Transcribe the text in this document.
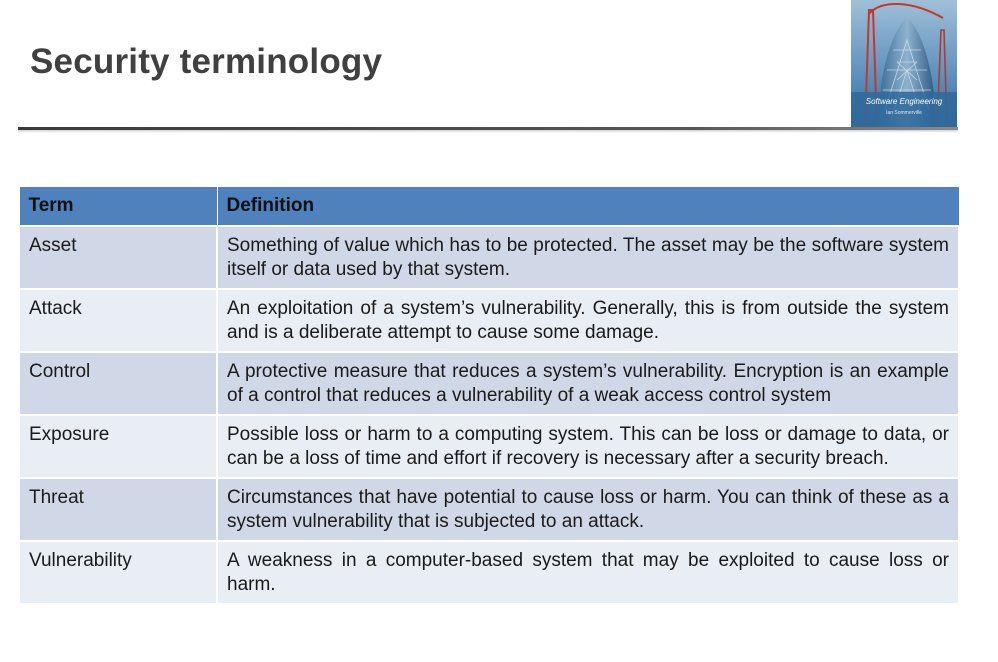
Security terminology
Software Engineering
Ian Sommerville
Term	Definition
Asset	Something of value which has to be protected. The asset may be the software system itself or data used by that system.
Attack	An exploitation of a system’s vulnerability. Generally, this is from outside the system and is a deliberate attempt to cause some damage.
Control	A protective measure that reduces a system’s vulnerability. Encryption is an example of a control that reduces a vulnerability of a weak access control system
Exposure	Possible loss or harm to a computing system. This can be loss or damage to data, or can be a loss of time and effort if recovery is necessary after a security breach.
Threat	Circumstances that have potential to cause loss or harm. You can think of these as a system vulnerability that is subjected to an attack.
Vulnerability	A weakness in a computer-based system that may be exploited to cause loss or harm.
